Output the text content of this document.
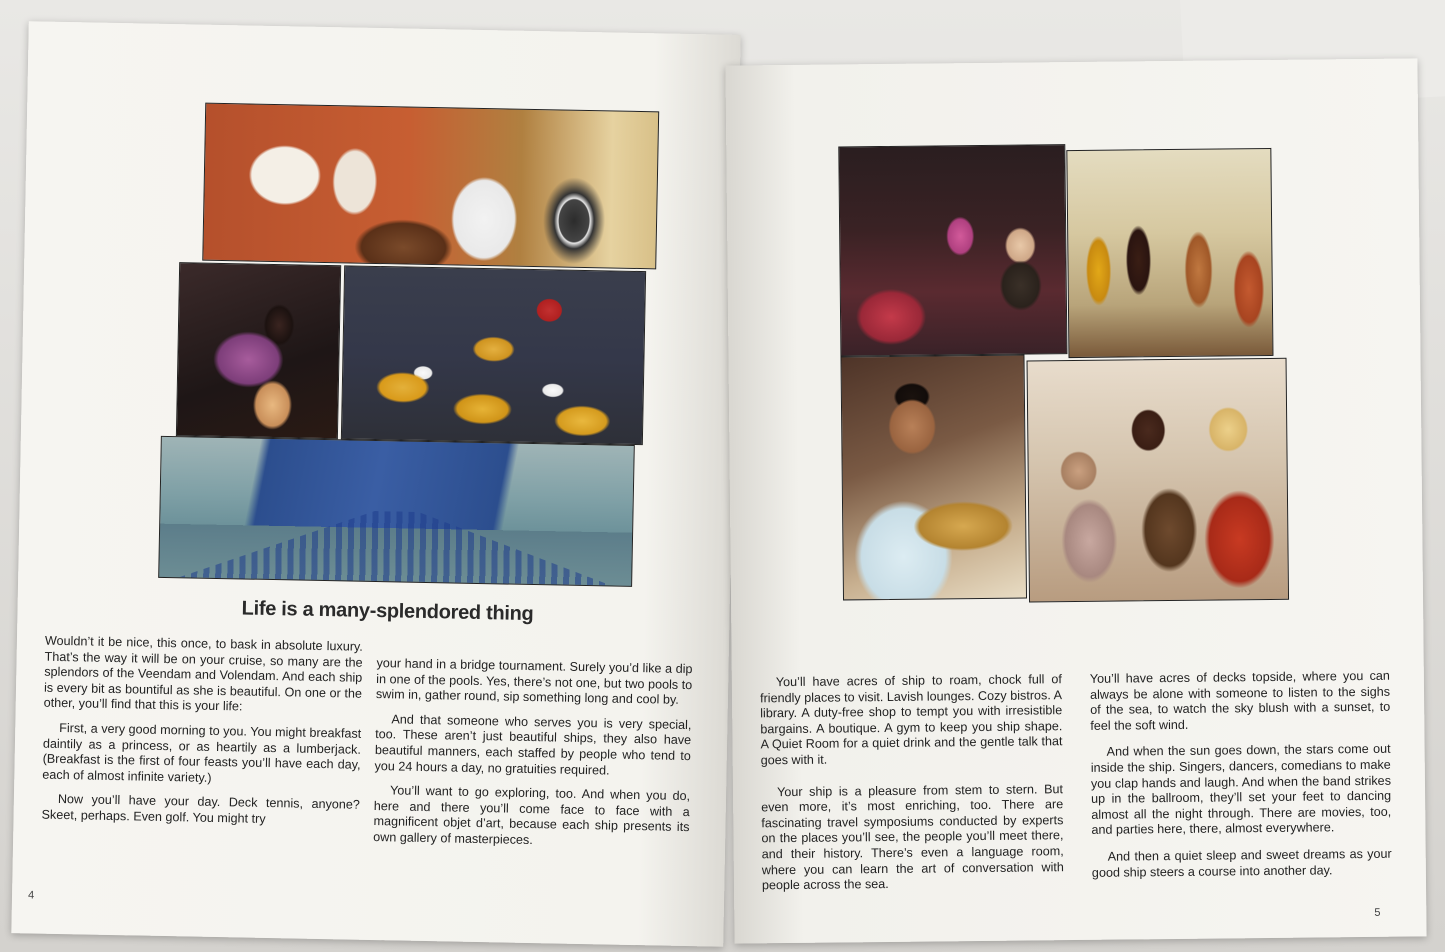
Life is a many-splendored thing

Wouldn’t it be nice, this once, to bask in absolute luxury. That’s the way it will be on your cruise, so many are the splendors of the Veendam and Volendam. And each ship is every bit as bountiful as she is beautiful. On one or the other, you’ll find that this is your life:

First, a very good morning to you. You might breakfast daintily as a princess, or as heartily as a lumberjack. (Breakfast is the first of four feasts you’ll have each day, each of almost infinite variety.)

Now you’ll have your day. Deck tennis, anyone? Skeet, perhaps. Even golf. You might try

your hand in a bridge tournament. Surely you’d like a dip in one of the pools. Yes, there’s not one, but two pools to swim in, gather round, sip something long and cool by.

And that someone who serves you is very special, too. These aren’t just beautiful ships, they also have beautiful manners, each staffed by people who tend to you 24 hours a day, no gratuities required.

You’ll want to go exploring, too. And when you do, here and there you’ll come face to face with a magnificent objet d’art, because each ship presents its own gallery of masterpieces.

4

You’ll have acres of ship to roam, chock full of friendly places to visit. Lavish lounges. Cozy bistros. A library. A duty-free shop to tempt you with irresistible bargains. A boutique. A gym to keep you ship shape. A Quiet Room for a quiet drink and the gentle talk that goes with it.

Your ship is a pleasure from stem to stern. But even more, it’s most enriching, too. There are fascinating travel symposiums conducted by experts on the places you’ll see, the people you’ll meet there, and their history. There’s even a language room, where you can learn the art of conversation with people across the sea.

You’ll have acres of decks topside, where you can always be alone with someone to listen to the sighs of the sea, to watch the sky blush with a sunset, to feel the soft wind.

And when the sun goes down, the stars come out inside the ship. Singers, dancers, comedians to make you clap hands and laugh. And when the band strikes up in the ballroom, they’ll set your feet to dancing almost all the night through. There are movies, too, and parties here, there, almost everywhere.

And then a quiet sleep and sweet dreams as your good ship steers a course into another day.

5
